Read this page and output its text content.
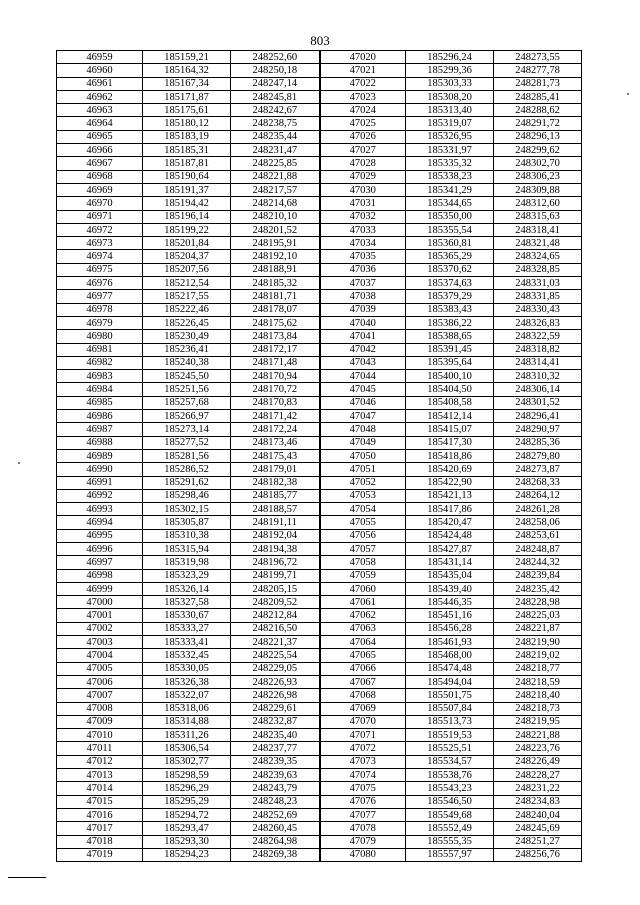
803
46959	185159,21	248252,60	47020	185296,24	248273,55
46960	185164,32	248250,18	47021	185299,36	248277,78
46961	185167,34	248247,14	47022	185303,33	248281,73
46962	185171,87	248245,81	47023	185308,20	248285,41
46963	185175,61	248242,67	47024	185313,40	248288,62
46964	185180,12	248238,75	47025	185319,07	248291,72
46965	185183,19	248235,44	47026	185326,95	248296,13
46966	185185,31	248231,47	47027	185331,97	248299,62
46967	185187,81	248225,85	47028	185335,32	248302,70
46968	185190,64	248221,88	47029	185338,23	248306,23
46969	185191,37	248217,57	47030	185341,29	248309,88
46970	185194,42	248214,68	47031	185344,65	248312,60
46971	185196,14	248210,10	47032	185350,00	248315,63
46972	185199,22	248201,52	47033	185355,54	248318,41
46973	185201,84	248195,91	47034	185360,81	248321,48
46974	185204,37	248192,10	47035	185365,29	248324,65
46975	185207,56	248188,91	47036	185370,62	248328,85
46976	185212,54	248185,32	47037	185374,63	248331,03
46977	185217,55	248181,71	47038	185379,29	248331,85
46978	185222,46	248178,07	47039	185383,43	248330,43
46979	185226,45	248175,62	47040	185386,22	248326,83
46980	185230,49	248173,84	47041	185388,65	248322,59
46981	185236,41	248172,17	47042	185391,45	248318,82
46982	185240,38	248171,48	47043	185395,64	248314,41
46983	185245,50	248170,94	47044	185400,10	248310,32
46984	185251,56	248170,72	47045	185404,50	248306,14
46985	185257,68	248170,83	47046	185408,58	248301,52
46986	185266,97	248171,42	47047	185412,14	248296,41
46987	185273,14	248172,24	47048	185415,07	248290,97
46988	185277,52	248173,46	47049	185417,30	248285,36
46989	185281,56	248175,43	47050	185418,86	248279,80
46990	185286,52	248179,01	47051	185420,69	248273,87
46991	185291,62	248182,38	47052	185422,90	248268,33
46992	185298,46	248185,77	47053	185421,13	248264,12
46993	185302,15	248188,57	47054	185417,86	248261,28
46994	185305,87	248191,11	47055	185420,47	248258,06
46995	185310,38	248192,04	47056	185424,48	248253,61
46996	185315,94	248194,38	47057	185427,87	248248,87
46997	185319,98	248196,72	47058	185431,14	248244,32
46998	185323,29	248199,71	47059	185435,04	248239,84
46999	185326,14	248205,15	47060	185439,40	248235,42
47000	185327,58	248209,52	47061	185446,35	248228,98
47001	185330,67	248212,84	47062	185451,16	248225,03
47002	185333,27	248216,50	47063	185456,28	248221,87
47003	185333,41	248221,37	47064	185461,93	248219,90
47004	185332,45	248225,54	47065	185468,00	248219,02
47005	185330,05	248229,05	47066	185474,48	248218,77
47006	185326,38	248226,93	47067	185494,04	248218,59
47007	185322,07	248226,98	47068	185501,75	248218,40
47008	185318,06	248229,61	47069	185507,84	248218,73
47009	185314,88	248232,87	47070	185513,73	248219,95
47010	185311,26	248235,40	47071	185519,53	248221,88
47011	185306,54	248237,77	47072	185525,51	248223,76
47012	185302,77	248239,35	47073	185534,57	248226,49
47013	185298,59	248239,63	47074	185538,76	248228,27
47014	185296,29	248243,79	47075	185543,23	248231,22
47015	185295,29	248248,23	47076	185546,50	248234,83
47016	185294,72	248252,69	47077	185549,68	248240,04
47017	185293,47	248260,45	47078	185552,49	248245,69
47018	185293,30	248264,98	47079	185555,35	248251,27
47019	185294,23	248269,38	47080	185557,97	248256,76
